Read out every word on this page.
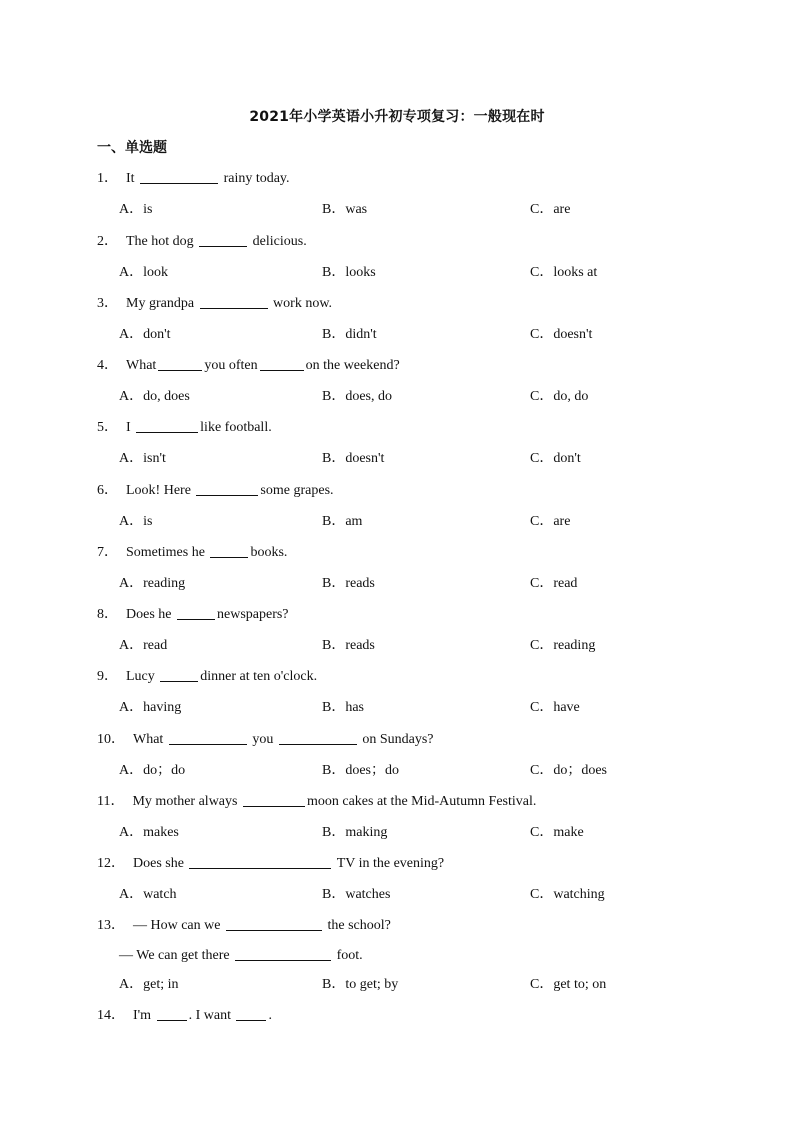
2021年小学英语小升初专项复习：一般现在时
一、单选题
1． It	rainy today.
A．is	B．was	C．are
2． The hot dog	delicious.
A．look	B．looks	C．looks at
3． My grandpa	work now.
A．don't	B．didn't	C．doesn't
4． What	you often	on the weekend?
A．do, does	B．does, do	C．do, do
5． I	like football.
A．isn't	B．doesn't	C．don't
6． Look! Here	some grapes.
A．is	B．am	C．are
7． Sometimes he	books.
A．reading	B．reads	C．read
8． Does he	newspapers?
A．read	B．reads	C．reading
9． Lucy	dinner at ten o'clock.
A．having	B．has	C．have
10． What	you	on Sundays?
A．do；do	B．does；do	C．do；does
11． My mother always	moon cakes at the Mid-Autumn Festival.
A．makes	B．making	C．make
12． Does she	TV in the evening?
A．watch	B．watches	C．watching
13． — How can we	the school?
— We can get there	foot.
A．get; in	B．to get; by	C．get to; on
14． I'm	. I want	.
